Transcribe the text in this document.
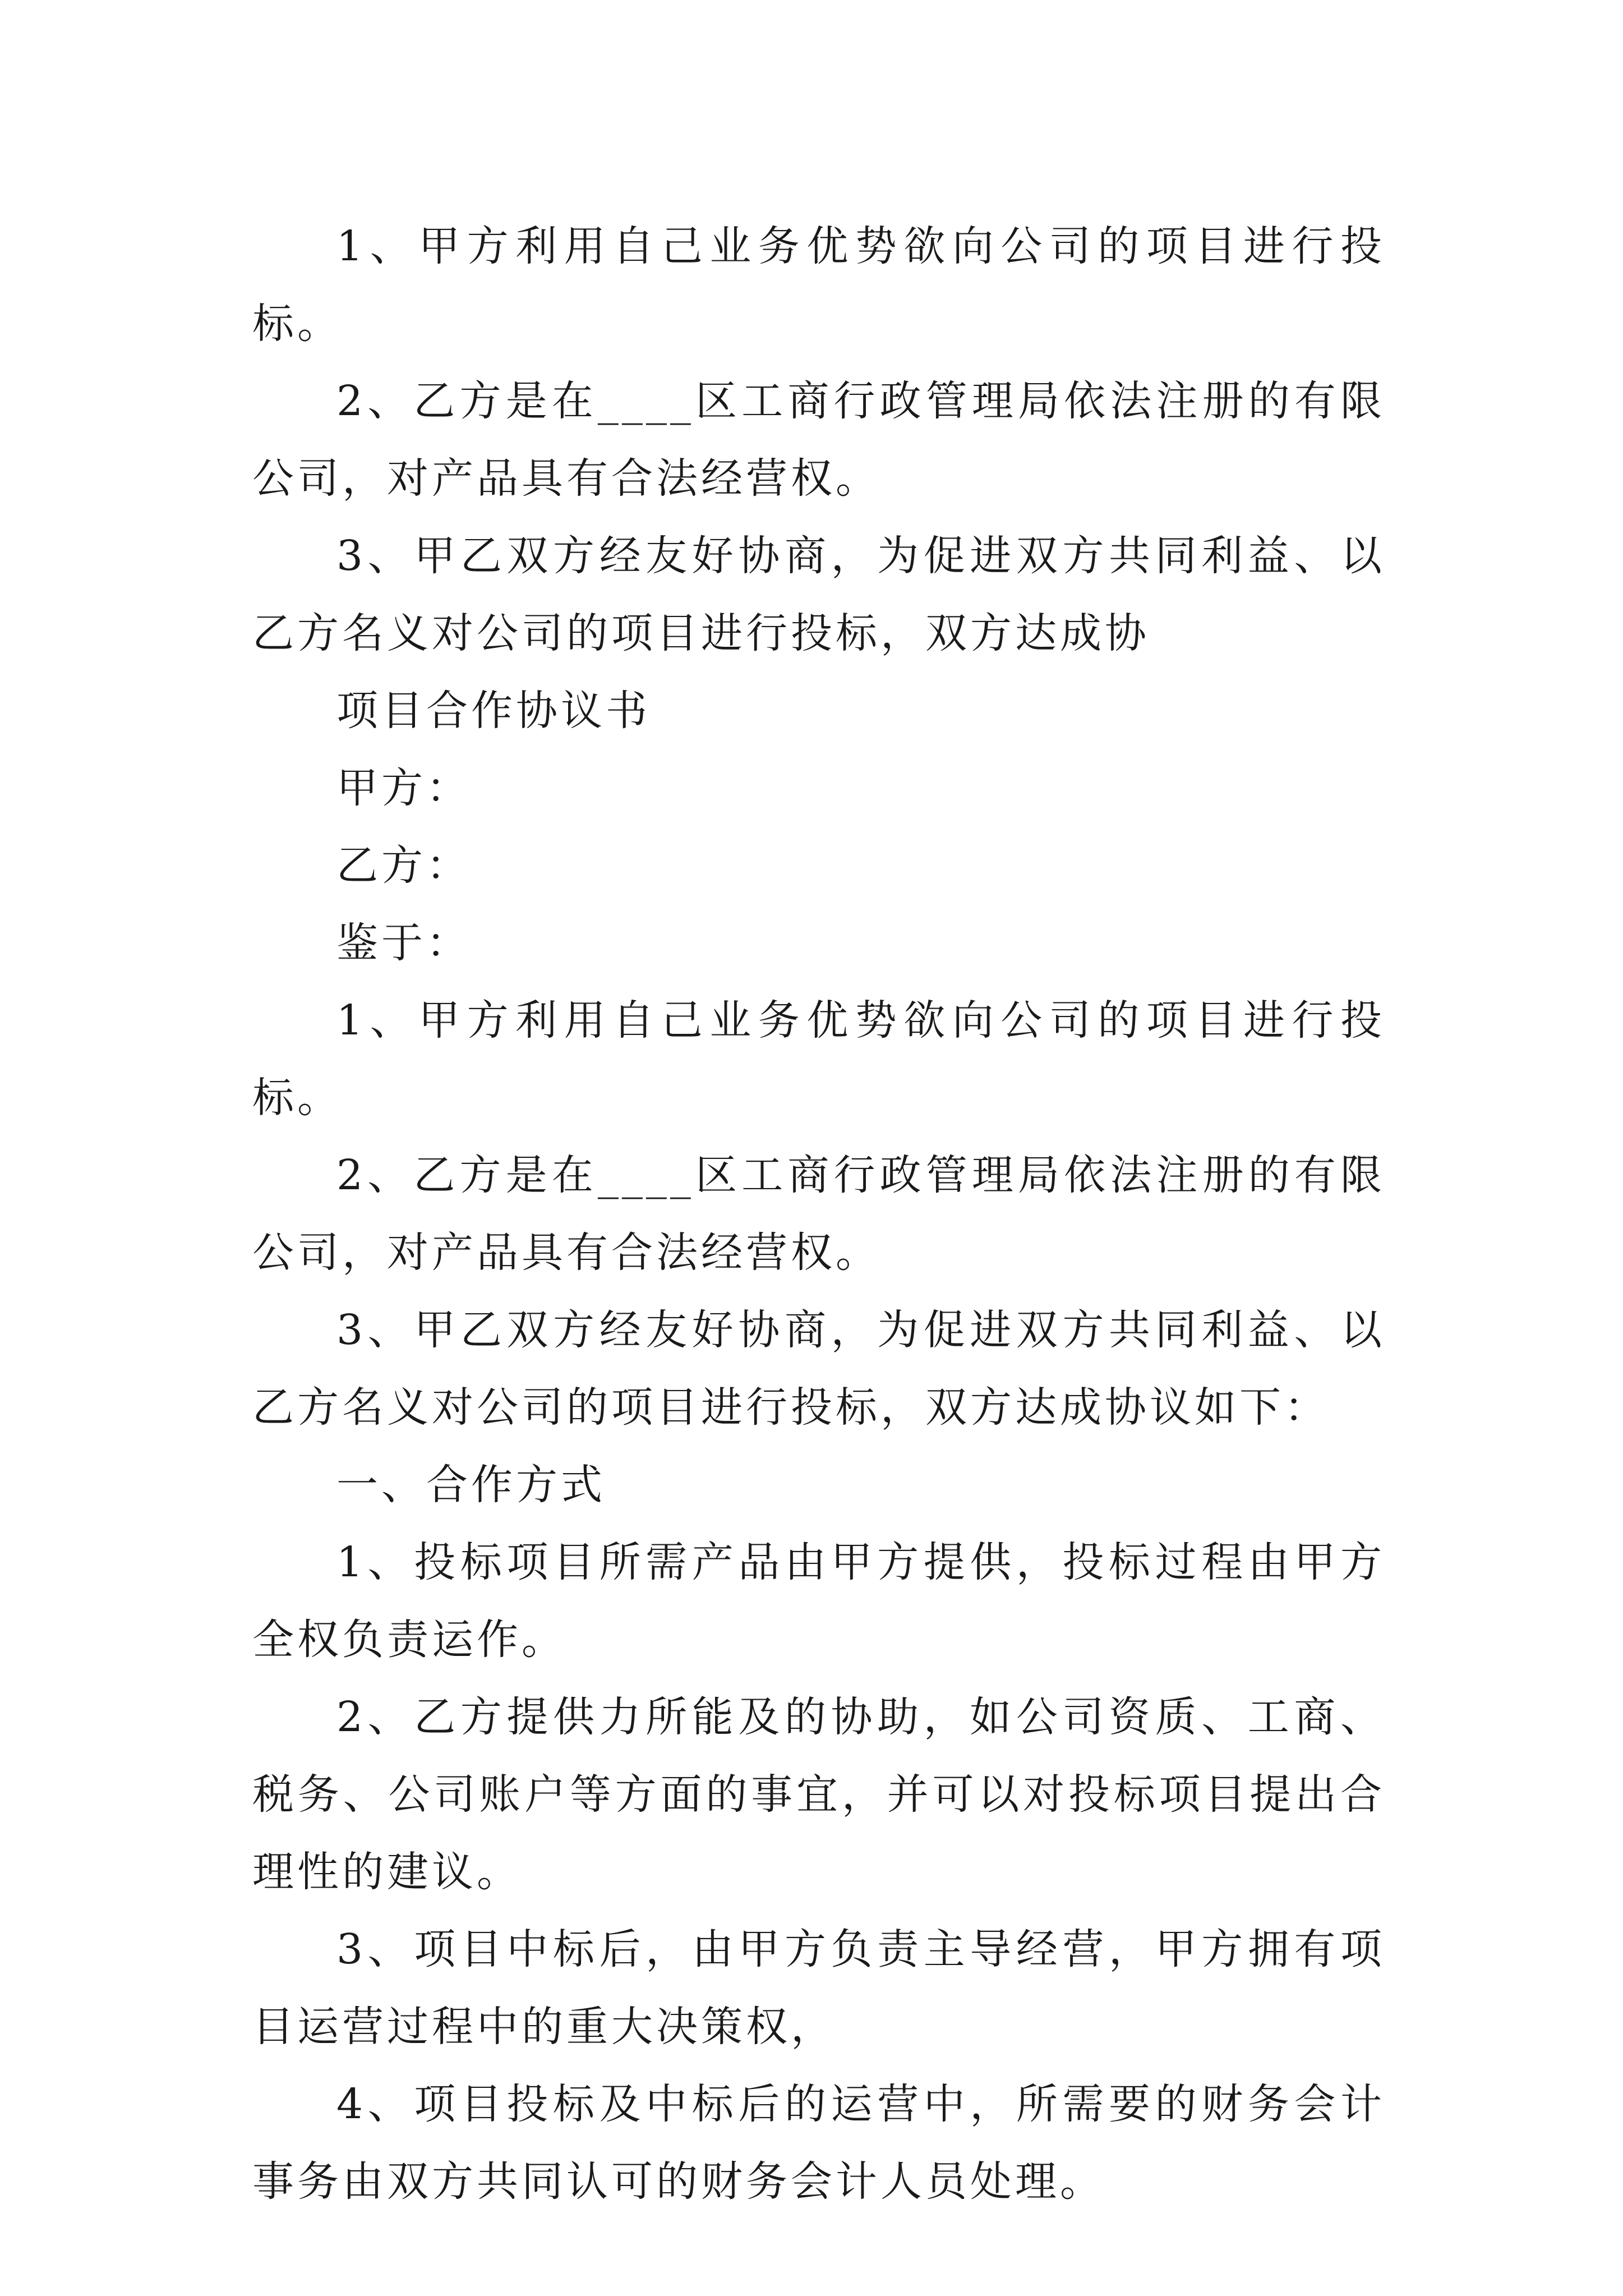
1、甲方利用自己业务优势欲向公司的项目进行投标。

2、乙方是在____区工商行政管理局依法注册的有限公司，对产品具有合法经营权。

3、甲乙双方经友好协商，为促进双方共同利益、以乙方名义对公司的项目进行投标，双方达成协

项目合作协议书

甲方：

乙方：

鉴于：

1、甲方利用自己业务优势欲向公司的项目进行投标。

2、乙方是在____区工商行政管理局依法注册的有限公司，对产品具有合法经营权。

3、甲乙双方经友好协商，为促进双方共同利益、以乙方名义对公司的项目进行投标，双方达成协议如下：

一、合作方式

1、投标项目所需产品由甲方提供，投标过程由甲方全权负责运作。

2、乙方提供力所能及的协助，如公司资质、工商、税务、公司账户等方面的事宜，并可以对投标项目提出合理性的建议。

3、项目中标后，由甲方负责主导经营，甲方拥有项目运营过程中的重大决策权，

4、项目投标及中标后的运营中，所需要的财务会计事务由双方共同认可的财务会计人员处理。
